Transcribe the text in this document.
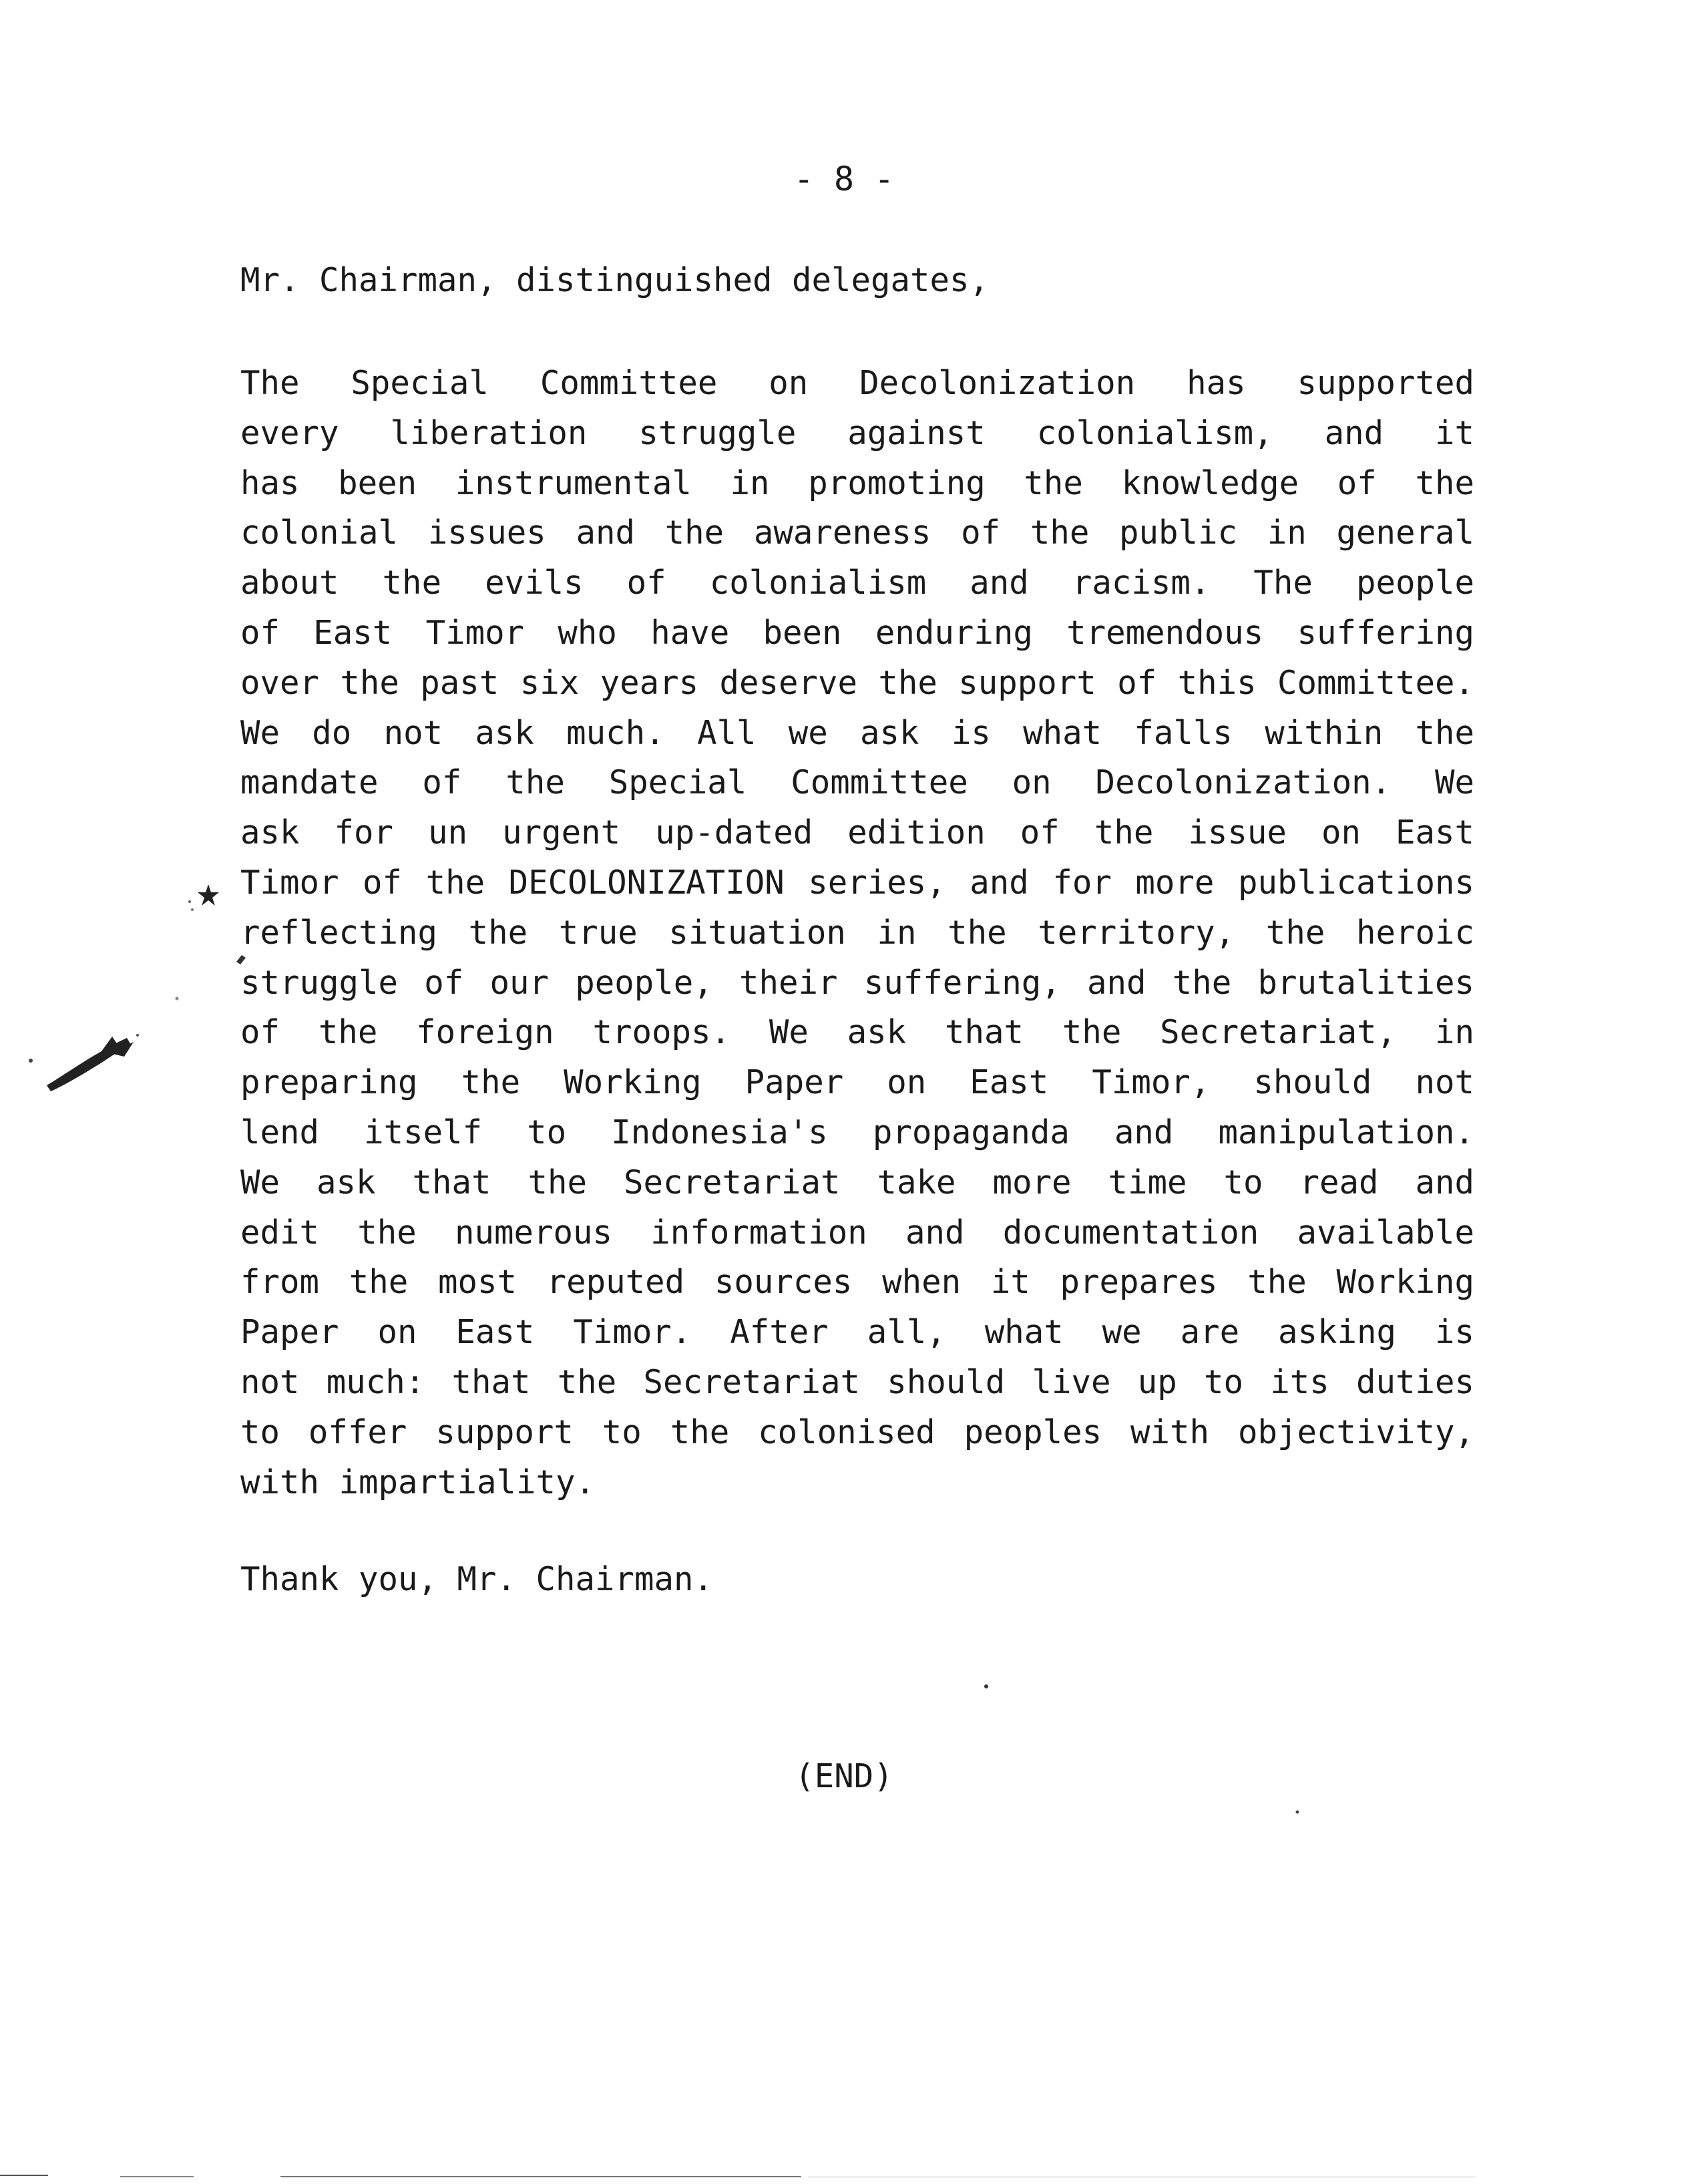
- 8 -
Mr. Chairman, distinguished delegates,
The Special Committee on Decolonization has supported
every liberation struggle against colonialism, and it
has been instrumental in promoting the knowledge of the
colonial issues and the awareness of the public in general
about the evils of colonialism and racism. The people
of East Timor who have been enduring tremendous suffering
over the past six years deserve the support of this Committee.
We do not ask much. All we ask is what falls within the
mandate of the Special Committee on Decolonization. We
ask for un urgent up-dated edition of the issue on East
Timor of the DECOLONIZATION series, and for more publications
reflecting the true situation in the territory, the heroic
struggle of our people, their suffering, and the brutalities
of the foreign troops. We ask that the Secretariat, in
preparing the Working Paper on East Timor, should not
lend itself to Indonesia's propaganda and manipulation.
We ask that the Secretariat take more time to read and
edit the numerous information and documentation available
from the most reputed sources when it prepares the Working
Paper on East Timor. After all, what we are asking is
not much: that the Secretariat should live up to its duties
to offer support to the colonised peoples with objectivity,
with impartiality.
Thank you, Mr. Chairman.
(END)
